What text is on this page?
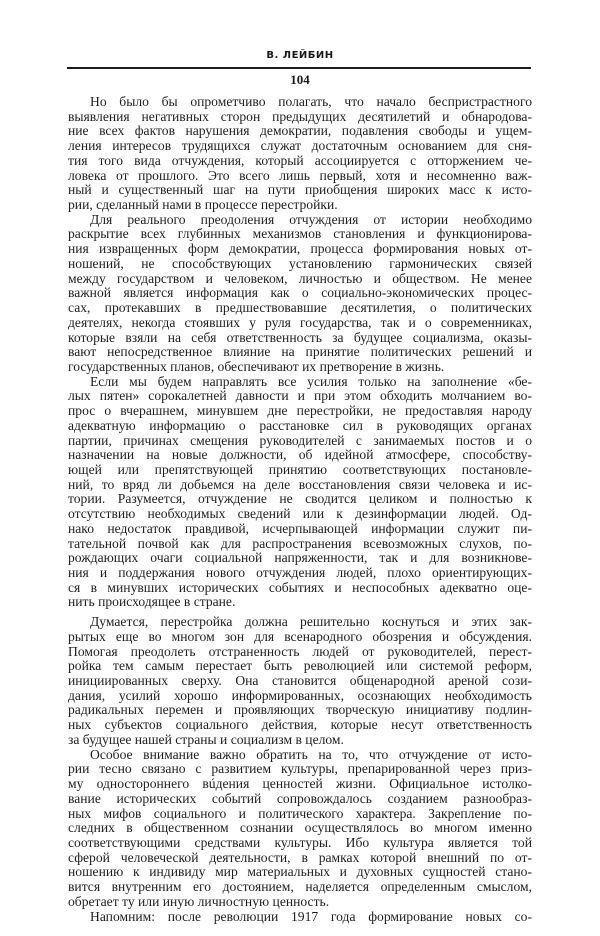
В. ЛЕЙБИН
104
Но было бы опрометчиво полагать, что начало беспристрастного
выявления негативных сторон предыдущих десятилетий и обнародова-
ние всех фактов нарушения демократии, подавления свободы и ущем-
ления интересов трудящихся служат достаточным основанием для сня-
тия того вида отчуждения, который ассоциируется с отторжением че-
ловека от прошлого. Это всего лишь первый, хотя и несомненно важ-
ный и существенный шаг на пути приобщения широких масс к исто-
рии, сделанный нами в процессе перестройки.
Для реального преодоления отчуждения от истории необходимо
раскрытие всех глубинных механизмов становления и функционирова-
ния извращенных форм демократии, процесса формирования новых от-
ношений, не способствующих установлению гармонических связей
между государством и человеком, личностью и обществом. Не менее
важной является информация как о социально-экономических процес-
сах, протекавших в предшествовавшие десятилетия, о политических
деятелях, некогда стоявших у руля государства, так и о современниках,
которые взяли на себя ответственность за будущее социализма, оказы-
вают непосредственное влияние на принятие политических решений и
государственных планов, обеспечивают их претворение в жизнь.
Если мы будем направлять все усилия только на заполнение «бе-
лых пятен» сорокалетней давности и при этом обходить молчанием во-
прос о вчерашнем, минувшем дне перестройки, не предоставляя народу
адекватную информацию о расстановке сил в руководящих органах
партии, причинах смещения руководителей с занимаемых постов и о
назначении на новые должности, об идейной атмосфере, способству-
ющей или препятствующей принятию соответствующих постановле-
ний, то вряд ли добьемся на деле восстановления связи человека и ис-
тории. Разумеется, отчуждение не сводится целиком и полностью к
отсутствию необходимых сведений или к дезинформации людей. Од-
нако недостаток правдивой, исчерпывающей информации служит пи-
тательной почвой как для распространения всевозможных слухов, по-
рождающих очаги социальной напряженности, так и для возникнове-
ния и поддержания нового отчуждения людей, плохо ориентирующих-
ся в минувших исторических событиях и неспособных адекватно оце-
нить происходящее в стране.
Думается, перестройка должна решительно коснуться и этих зак-
рытых еще во многом зон для всенародного обозрения и обсуждения.
Помогая преодолеть отстраненность людей от руководителей, перест-
ройка тем самым перестает быть революцией или системой реформ,
инициированных сверху. Она становится общенародной ареной сози-
дания, усилий хорошо информированных, осознающих необходимость
радикальных перемен и проявляющих творческую инициативу подлин-
ных субъектов социального действия, которые несут ответственность
за будущее нашей страны и социализм в целом.
Особое внимание важно обратить на то, что отчуждение от исто-
рии тесно связано с развитием культуры, препарированной через приз-
му одностороннего вúдения ценностей жизни. Официальное истолко-
вание исторических событий сопровождалось созданием разнообраз-
ных мифов социального и политического характера. Закрепление по-
следних в общественном сознании осуществлялось во многом именно
соответствующими средствами культуры. Ибо культура является той
сферой человеческой деятельности, в рамках которой внешний по от-
ношению к индивиду мир материальных и духовных сущностей стано-
вится внутренним его достоянием, наделяется определенным смыслом,
обретает ту или иную личностную ценность.
Напомним: после революции 1917 года формирование новых со-
